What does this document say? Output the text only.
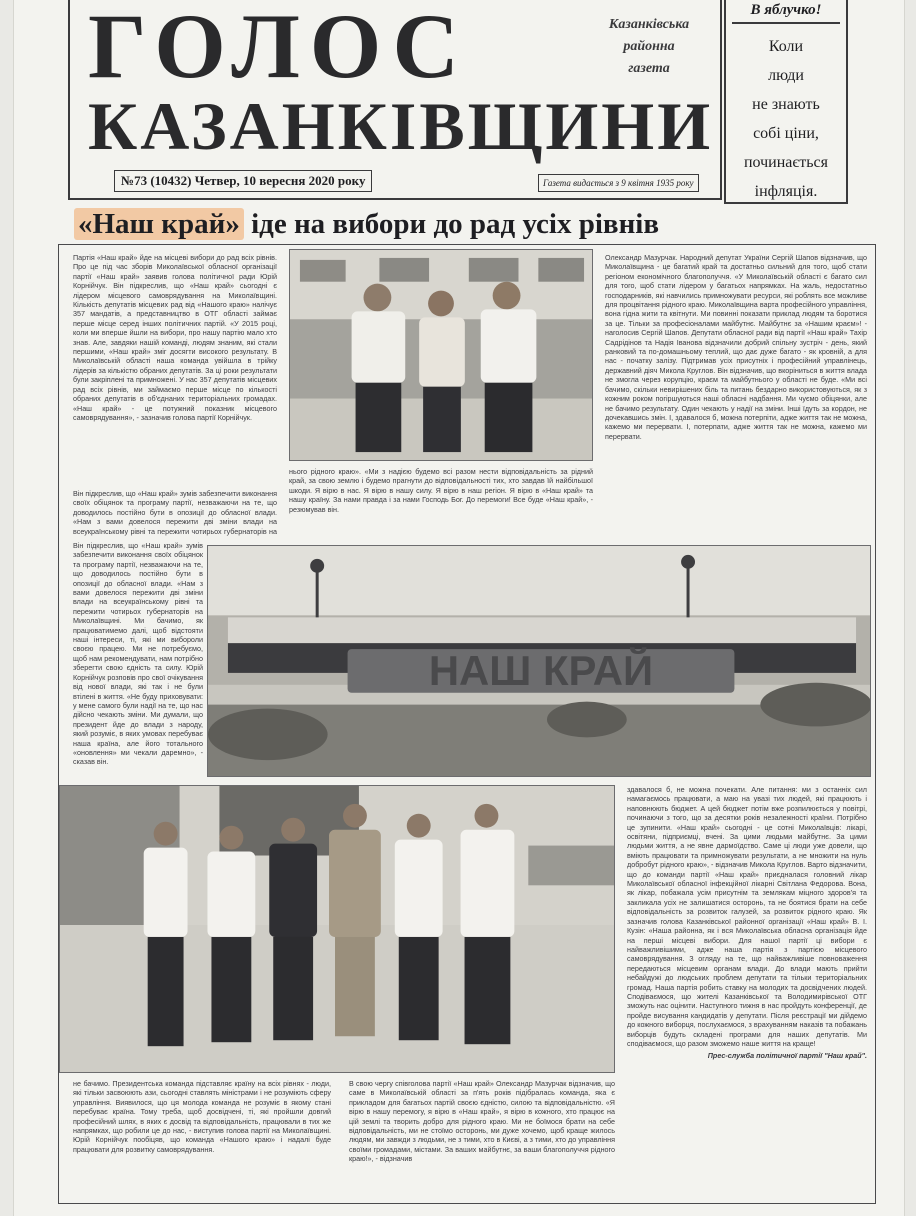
ГОЛОС
КАЗАНКІВЩИНИ
Казанківська
районна
газета
№73 (10432) Четвер, 10 вересня 2020 року	Газета видається з 9 квітня 1935 року
В яблучко!
Коли
люди
не знають
собі ціни,
починається
інфляція.
«Наш край» іде на вибори до рад усіх рівнів
Партія «Наш край» йде на місцеві вибори до рад всіх рівнів. Про це під час зборів Миколаївської обласної організації партії «Наш край» заявив голова політичної ради Юрій Корнійчук. Він підкреслив, що «Наш край» сьогодні є лідером місцевого самоврядування на Миколаївщині. Кількість депутатів місцевих рад від «Нашого краю» налічує 357 мандатів, а представництво в ОТГ області займає перше місце серед інших політичних партій. «У 2015 році, коли ми вперше йшли на вибори, про нашу партію мало хто знав. Але, завдяки нашій команді, людям знаним, які стали першими, «Наш край» зміг досягти високого результату. В Миколаївській області наша команда увійшла в трійку лідерів за кількістю обраних депутатів. За ці роки результати були закріплені та примножені. У нас 357 депутатів місцевих рад всіх рівнів, ми займаємо перше місце по кількості обраних депутатів в об'єднаних територіальних громадах. «Наш край» - це потужний показник місцевого самоврядування», - зазначив голова партії Корнійчук.
Олександр Мазурчак. Народний депутат України Сергій Шапов відзначив, що Миколаївщина - це багатий край та достатньо сильний для того, щоб стати регіоном економічного благополуччя. «У Миколаївській області є багато сил для того, щоб стати лідером у багатьох напрямках. На жаль, недостатньо господарників, які навчились примножувати ресурси, які роблять все можливе для процвітання рідного краю. Миколаївщина варта професійного управління, вона гідна жити та квітнути. Ми повинні показати приклад людям та боротися за це. Тільки за професіоналами майбутнє. Майбутнє за «Нашим краєм»! - наголосив Сергій Шапов. Депутати обласної ради від партії «Наш край» Тахір Садрідінов та Надія Іванова відзначили добрий спільну зустріч - день, який ранковий та по-домашньому теплий, що дає дуже багато - як кровній, а для нас - початку залізу. Підтримав усіх присутніх і професійний управлінець, державний діяч Микола Круглов. Він відзначив, що вкоріниться в життя влада не змогла через корупцію, краєм та майбутнього у області не буде. «Ми всі бачимо, скільки невирішених біль та питань бездарно використовуються, як з кожним роком погіршуються наші обласні надбання. Ми чуємо обіцянки, але не бачимо результату. Один чекають у надії на зміни. Інші їдуть за кордон, не дочекавшись змін. І, здавалося б, можна потерпіти, адже життя так не можна, кажемо ми перервати. І, потерпати, адже життя так не можна, кажемо ми перервати.
Він підкреслив, що «Наш край» зумів забезпечити виконання своїх обіцянок та програму партії, незважаючи на те, що доводилось постійно бути в опозиції до обласної влади. «Нам з вами довелося пережити дві зміни влади на всеукраїнському рівні та пережити чотирьох губернаторів на
нього рідного краю». «Ми з надією будемо всі разом нести відповідальність за рідний край, за свою землю і будемо прагнути до відповідальності тих, хто завдав їй найбільшої шкоди. Я вірю в нас. Я вірю в нашу силу. Я вірю в наш регіон. Я вірю в «Наш край» та нашу країну. За нами правда і за нами Господь Бог. До перемоги! Все буде «Наш край», - резюмував він.
Він підкреслив, що «Наш край» зумів забезпечити виконання своїх обіцянок та програму партії, незважаючи на те, що доводилось постійно бути в опозиції до обласної влади. «Нам з вами довелося пережити дві зміни влади на всеукраїнському рівні та пережити чотирьох губернаторів на Миколаївщині. Ми бачимо, як працюватимемо далі, щоб відстояти наші інтереси, ті, які ми вибороли своєю працею. Ми не потребуємо, щоб нам рекомендувати, нам потрібно зберегти свою єдність та силу. Юрій Корнійчук розповів про свої очікування від нової влади, які так і не були втілені в життя. «Не буду приховувати: у мене самого були надії на те, що нас дійсно чекають зміни. Ми думали, що президент йде до влади з народу, який розуміє, в яких умовах перебуває наша країна, але його тотального «оновлення» ми чекали даремно», - сказав він.
НАШ КРАЙ
здавалося б, не можна почекати. Але питання: ми з останніх сил намагаємось працювати, а маю на увазі тих людей, які працюють і наповнюють бюджет. А цей бюджет потім вже розпилюється у повітрі, починаючи з того, що за десятки років незалежності країни. Потрібно це зупинити. «Наш край» сьогодні - це сотні Миколаївців: лікарі, освітяни, підприємці, вчені. За цими людьми майбутнє. За цими людьми життя, а не явне дармоїдство. Саме ці люди уже довели, що вміють працювати та примножувати результати, а не множити на нуль добробут рідного краю», - відзначив Микола Круглов. Варто відзначити, що до команди партії «Наш край» приєдналася головний лікар Миколаївської обласної інфекційної лікарні Світлана Федорова. Вона, як лікар, побажала усім присутнім та землякам міцного здоров'я та закликала усіх не залишатися осторонь, та не боятися брати на себе відповідальність за розвиток галузей, за розвиток рідного краю. Як зазначив голова Казанківської районної організації «Наш край» В. І. Кузін: «Наша районна, як і вся Миколаївська обласна організація йде на перші місцеві вибори. Для нашої партії ці вибори є найважливішими, адже наша партія з партією місцевого самоврядування. З огляду на те, що найважливіше повноваження передаються місцевим органам влади. До влади мають прийти небайдужі до людських проблем депутати та тільки територіальних громад. Наша партія робить ставку на молодих та досвідчених людей. Сподіваємося, що жителі Казанківської та Володимирівської ОТГ зможуть нас оцінити. Наступного тижня в нас пройдуть конференції, де пройде висування кандидатів у депутати. Після реєстрації ми дійдемо до кожного виборця, послухаємося, з врахуванням наказів та побажань виборців будуть складені програми для наших депутатів. Ми сподіваємося, що разом зможемо наше життя на краще!
Прес-служба політичної партії "Наш край".
не бачимо. Президентська команда підставляє країну на всіх рівнях - люди, які тільки засвоюють ази, сьогодні ставлять міністрами і не розуміють сферу управління. Виявилося, що ця молода команда не розуміє в якому стані перебуває країна. Тому треба, щоб досвідчені, ті, які пройшли довгий професійний шлях, в яких є досвід та відповідальність, працювали в тих же напрямках, що робили це до нас, - виступив голова партії на Миколаївщині. Юрій Корнійчук пообіцяв, що команда «Нашого краю» і надалі буде працювати для розвитку самоврядування.
В свою чергу співголова партії «Наш край» Олександр Мазурчак відзначив, що саме в Миколаївській області за п'ять років підібралась команда, яка є прикладом для багатьох партій своєю єдністю, силою та відповідальністю. «Я вірю в нашу перемогу, я вірю в «Наш край», я вірю в кожного, хто працює на цій землі та творить добро для рідного краю. Ми не боїмося брати на себе відповідальність, ми не стоїмо осторонь, ми дуже хочемо, щоб краще жилось людям, ми завжди з людьми, не з тими, хто в Києві, а з тими, хто до управління своїми громадами, містами. За ваших майбутнє, за ваши благополуччя рідного краю!», - відзначив
